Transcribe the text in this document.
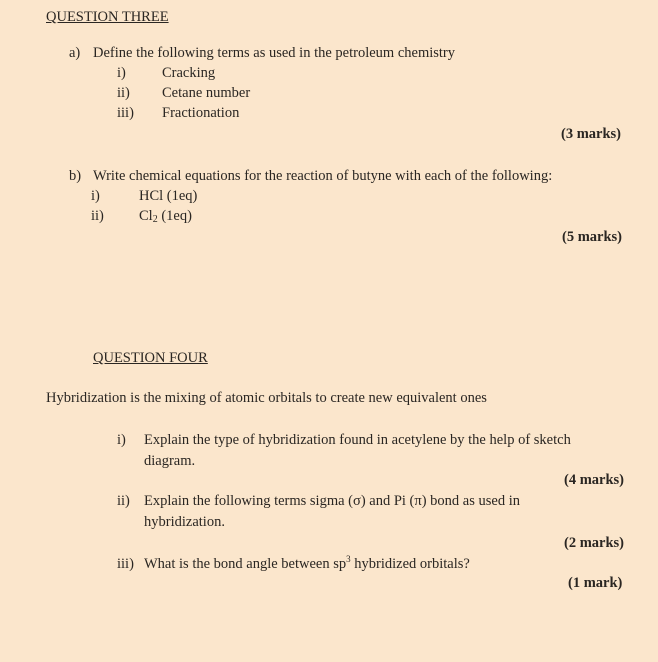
QUESTION THREE
a) Define the following terms as used in the petroleum chemistry
i) Cracking
ii) Cetane number
iii) Fractionation
(3 marks)
b) Write chemical equations for the reaction of butyne with each of the following:
i)	HCl (1eq)
ii) $Cl_2$ (1eq)
(5 marks)
QUESTION FOUR
Hybridization is the mixing of atomic orbitals to create new equivalent ones
i) Explain the type of hybridization found in acetylene by the help of sketch
diagram.
(4 marks)
ii) Explain the following terms sigma (σ) and Pi (π) bond as used in
hybridization.
(2 marks)
iii) What is the bond angle between $sp^3$ hybridized orbitals?
(1 mark)
